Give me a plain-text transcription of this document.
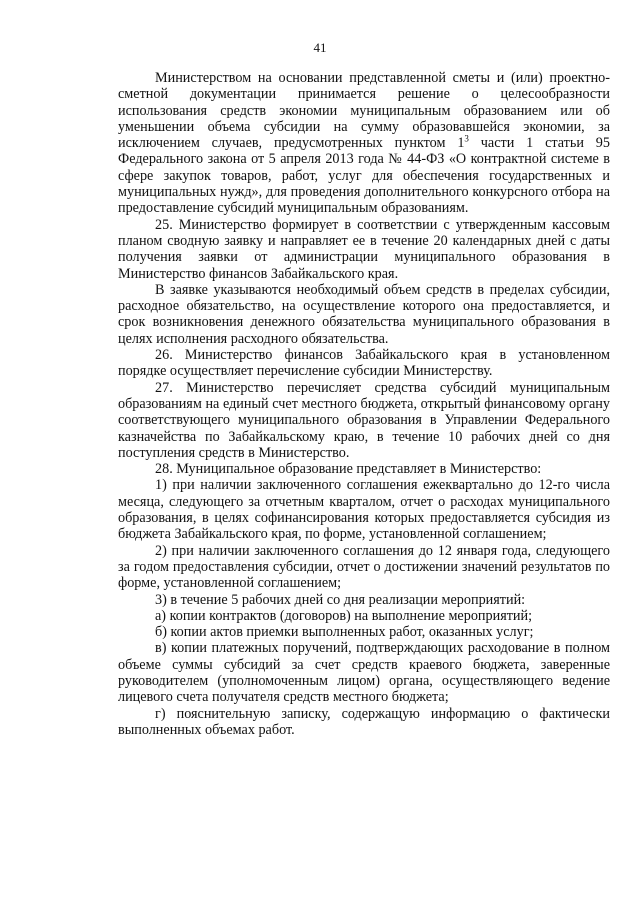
41

Министерством на основании представленной сметы и (или) проектно-сметной документации принимается решение о целесообразности использования средств экономии муниципальным образованием или об уменьшении объема субсидии на сумму образовавшейся экономии, за исключением случаев, предусмотренных пунктом $1^3$ части 1 статьи 95 Федерального закона от 5 апреля 2013 года № 44-ФЗ «О контрактной системе в сфере закупок товаров, работ, услуг для обеспечения государственных и муниципальных нужд», для проведения дополнительного конкурсного отбора на предоставление субсидий муниципальным образованиям.

25. Министерство формирует в соответствии с утвержденным кассовым планом сводную заявку и направляет ее в течение 20 календарных дней с даты получения заявки от администрации муниципального образования в Министерство финансов Забайкальского края.

В заявке указываются необходимый объем средств в пределах субсидии, расходное обязательство, на осуществление которого она предоставляется, и срок возникновения денежного обязательства муниципального образования в целях исполнения расходного обязательства.

26. Министерство финансов Забайкальского края в установленном порядке осуществляет перечисление субсидии Министерству.

27. Министерство перечисляет средства субсидий муниципальным образованиям на единый счет местного бюджета, открытый финансовому органу соответствующего муниципального образования в Управлении Федерального казначейства по Забайкальскому краю, в течение 10 рабочих дней со дня поступления средств в Министерство.

28. Муниципальное образование представляет в Министерство:

1) при наличии заключенного соглашения ежеквартально до 12-го числа месяца, следующего за отчетным кварталом, отчет о расходах муниципального образования, в целях софинансирования которых предоставляется субсидия из бюджета Забайкальского края, по форме, установленной соглашением;

2) при наличии заключенного соглашения до 12 января года, следующего за годом предоставления субсидии, отчет о достижении значений результатов по форме, установленной соглашением;

3) в течение 5 рабочих дней со дня реализации мероприятий:

а) копии контрактов (договоров) на выполнение мероприятий;

б) копии актов приемки выполненных работ, оказанных услуг;

в) копии платежных поручений, подтверждающих расходование в полном объеме суммы субсидий за счет средств краевого бюджета, заверенные руководителем (уполномоченным лицом) органа, осуществляющего ведение лицевого счета получателя средств местного бюджета;

г) пояснительную записку, содержащую информацию о фактически выполненных объемах работ.
